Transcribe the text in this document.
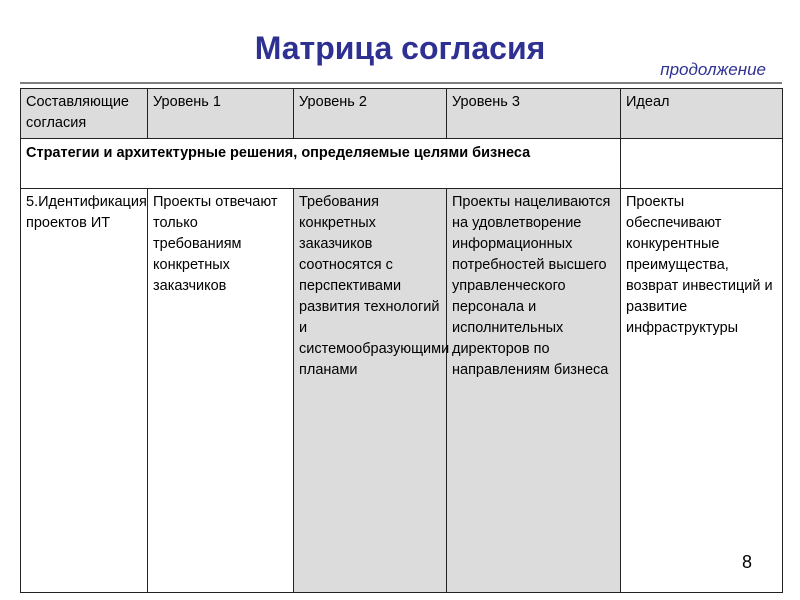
Матрица согласия
продолжение
Составляющие согласия	Уровень 1	Уровень 2	Уровень 3	Идеал
Стратегии и архитектурные решения, определяемые целями бизнеса				
5.Идентификация проектов ИТ	Проекты отвечают только требованиям конкретных заказчиков	Требования конкретных заказчиков соотносятся с перспективами развития технологий и системообразующими планами	Проекты нацеливаются на удовлетворение информационных потребностей высшего управленческого персонала и исполнительных директоров по направлениям бизнеса	Проекты обеспечивают конкурентные преимущества, возврат инвестиций и развитие инфраструктуры
8
